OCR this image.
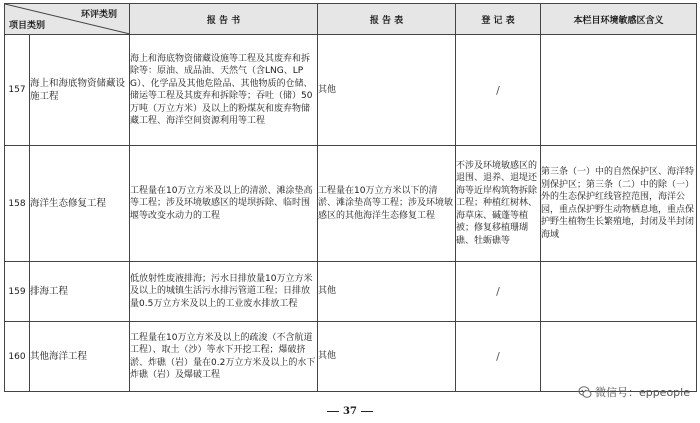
环评类别
项目类别		报 告 书	报 告 表	登 记 表	本栏目环境敏感区含义
157	海上和海底物资储藏设施工程	海上和海底物资储藏设施等工程及其废弃和拆除等：原油、成品油、天然气（含LNG、LPG）、化学品及其他危险品、其他物质的仓储、储运等工程及其废弃和拆除等；吞吐（储）50万吨（万立方米）及以上的粉煤灰和废弃物储藏工程、海洋空间资源利用等工程	其他	/	
158	海洋生态修复工程	工程量在10万立方米及以上的清淤、滩涂垫高等工程；涉及环境敏感区的堤坝拆除、临时围堰等改变水动力的工程	工程量在10万立方米以下的清淤、滩涂垫高等工程；涉及环境敏感区的其他海洋生态修复工程	不涉及环境敏感区的退围、退养、退堤还海等近岸构筑物拆除工程；种植红树林、海草床、碱蓬等植被；修复移植珊瑚礁、牡蛎礁等	第三条（一）中的自然保护区、海洋特别保护区；第三条（二）中的除（一）外的生态保护红线管控范围，海洋公园，重点保护野生动物栖息地，重点保护野生植物生长繁殖地，封闭及半封闭海域
159	排海工程	低放射性废液排海；污水日排放量10万立方米及以上的城镇生活污水排污管道工程；日排放量0.5万立方米及以上的工业废水排放工程	其他	/	
160	其他海洋工程	工程量在10万立方米及以上的疏浚（不含航道工程）、取土（沙）等水下开挖工程；爆破挤淤、炸礁（岩）量在0.2万立方米及以上的水下炸礁（岩）及爆破工程	其他	/	
微信号：eppeople
37
